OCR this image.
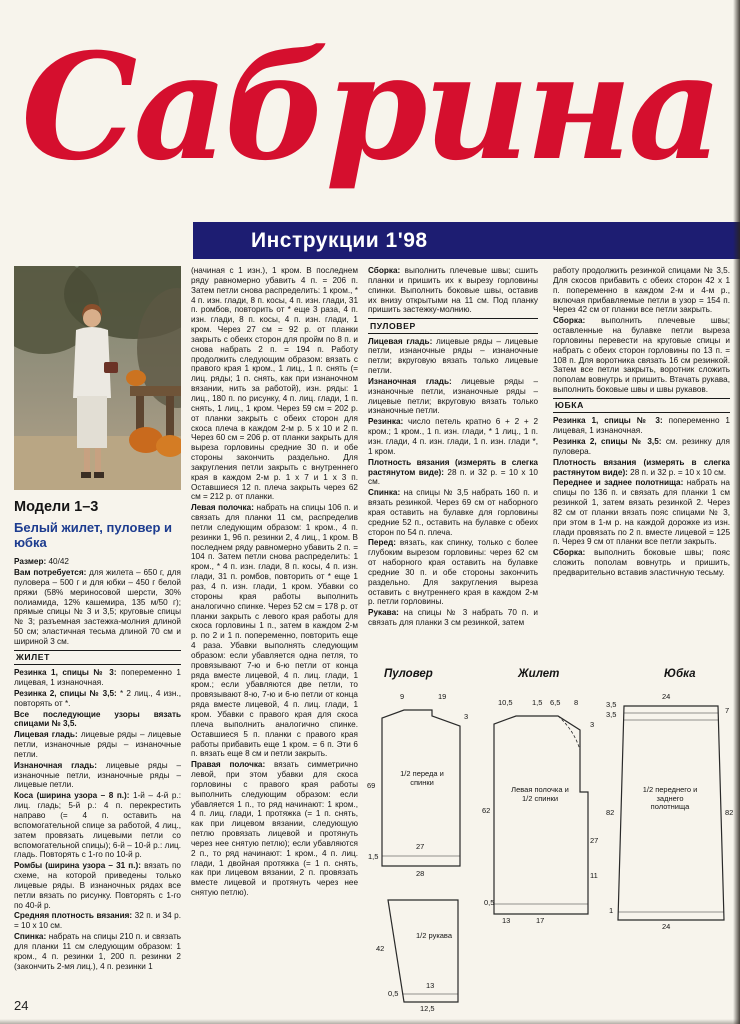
Сабрина
Инструкции 1'98
Модели 1–3
Белый жилет, пуловер и юбка

Размер: 40/42

Вам потребуется: для жилета – 650 г, для пуловера – 500 г и для юбки – 450 г белой пряжи (58% мериносовой шерсти, 30% полиамида, 12% кашемира, 135 м/50 г); прямые спицы № 3 и 3,5; круговые спицы № 3; разъемная застежка-молния длиной 50 см; эластичная тесьма длиной 70 см и шириной 3 см.

ЖИЛЕТ

Резинка 1, спицы № 3: попеременно 1 лицевая, 1 изнаночная.

Резинка 2, спицы № 3,5: * 2 лиц., 4 изн., повторять от *.

Все последующие узоры вязать спицами № 3,5.

Лицевая гладь: лицевые ряды – лицевые петли, изнаночные ряды – изнаночные петли.

Изнаночная гладь: лицевые ряды – изнаночные петли, изнаночные ряды – лицевые петли.

Коса (ширина узора – 8 п.): 1-й – 4-й р.: лиц. гладь; 5-й р.: 4 п. перекрестить направо (= 4 п. оставить на вспомогательной спице за работой, 4 лиц., затем провязать лицевыми петли со вспомогательной спицы); 6-й – 10-й р.: лиц. гладь. Повторять с 1-го по 10-й р.

Ромбы (ширина узора – 31 п.): вязать по схеме, на которой приведены только лицевые ряды. В изнаночных рядах все петли вязать по рисунку. Повторять с 1-го по 40-й р.

Средняя плотность вязания: 32 п. и 34 р. = 10 х 10 см.

Спинка: набрать на спицы 210 п. и связать для планки 11 см следующим образом: 1 кром., 4 п. резинки 1, 200 п. резинки 2 (закончить 2-мя лиц.), 4 п. резинки 1

(начиная с 1 изн.), 1 кром. В последнем ряду равномерно убавить 4 п. = 206 п. Затем петли снова распределить: 1 кром., * 4 п. изн. глади, 8 п. косы, 4 п. изн. глади, 31 п. ромбов, повторить от * еще 3 раза, 4 п. изн. глади, 8 п. косы, 4 п. изн. глади, 1 кром. Через 27 см = 92 р. от планки закрыть с обеих сторон для пройм по 8 п. и снова набрать 2 п. = 194 п. Работу продолжить следующим образом: вязать с правого края 1 кром., 1 лиц., 1 п. снять (= лиц. ряды; 1 п. снять, как при изнаночном вязании, нить за работой), изн. ряды: 1 лиц., 180 п. по рисунку, 4 п. лиц. глади, 1 п. снять, 1 лиц., 1 кром. Через 59 см = 202 р. от планки закрыть с обеих сторон для скоса плеча в каждом 2-м р. 5 х 10 и 2 п. Через 60 см = 206 р. от планки закрыть для выреза горловины средние 30 п. и обе стороны закончить раздельно. Для закругления петли закрыть с внутреннего края в каждом 2-м р. 1 х 7 и 1 х 3 п. Оставшиеся 12 п. плеча закрыть через 62 см = 212 р. от планки.

Левая полочка: набрать на спицы 106 п. и связать для планки 11 см, распределив петли следующим образом: 1 кром., 4 п. резинки 1, 96 п. резинки 2, 4 лиц., 1 кром. В последнем ряду равномерно убавить 2 п. = 104 п. Затем петли снова распределить: 1 кром., * 4 п. изн. глади, 8 п. косы, 4 п. изн. глади, 31 п. ромбов, повторить от * еще 1 раз, 4 п. изн. глади, 1 кром. Убавки со стороны края работы выполнить аналогично спинке. Через 52 см = 178 р. от планки закрыть с левого края работы для скоса горловины 1 п., затем в каждом 2-м р. по 2 и 1 п. попеременно, повторить еще 4 раза. Убавки выполнять следующим образом: если убавляется одна петля, то провязывают 7-ю и 6-ю петли от конца ряда вместе лицевой, 4 п. лиц. глади, 1 кром.; если убавляются две петли, то провязывают 8-ю, 7-ю и 6-ю петли от конца ряда вместе лицевой, 4 п. лиц. глади, 1 кром. Убавки с правого края для скоса плеча выполнить аналогично спинке. Оставшиеся 5 п. планки с правого края работы прибавить еще 1 кром. = 6 п. Эти 6 п. вязать еще 8 см и петли закрыть.

Правая полочка: вязать симметрично левой, при этом убавки для скоса горловины с правого края работы выполнить следующим образом: если убавляется 1 п., то ряд начинают: 1 кром., 4 п. лиц. глади, 1 протяжка (= 1 п. снять, как при лицевом вязании, следующую петлю провязать лицевой и протянуть через нее снятую петлю); если убавляются 2 п., то ряд начинают: 1 кром., 4 п. лиц. глади, 1 двойная протяжка (= 1 п. снять, как при лицевом вязании, 2 п. провязать вместе лицевой и протянуть через нее снятую петлю).

Сборка: выполнить плечевые швы; сшить планки и пришить их к вырезу горловины спинки. Выполнить боковые швы, оставив их внизу открытыми на 11 см. Под планку пришить застежку-молнию.

ПУЛОВЕР

Лицевая гладь: лицевые ряды – лицевые петли, изнаночные ряды – изнаночные петли; вкруговую вязать только лицевые петли.

Изнаночная гладь: лицевые ряды – изнаночные петли, изнаночные ряды – лицевые петли; вкруговую вязать только изнаночные петли.

Резинка: число петель кратно 6 + 2 + 2 кром.; 1 кром., 1 п. изн. глади, * 1 лиц., 1 п. изн. глади, 4 п. изн. глади, 1 п. изн. глади *, 1 кром.

Плотность вязания (измерять в слегка растянутом виде): 28 п. и 32 р. = 10 х 10 см.

Спинка: на спицы № 3,5 набрать 160 п. и вязать резинкой. Через 69 см от наборного края оставить на булавке для горловины средние 52 п., оставить на булавке с обеих сторон по 54 п. плеча.

Перед: вязать, как спинку, только с более глубоким вырезом горловины: через 62 см от наборного края оставить на булавке средние 30 п. и обе стороны закончить раздельно. Для закругления выреза оставить с внутреннего края в каждом 2-м р. петли горловины.

Рукава: на спицы № 3 набрать 70 п. и связать для планки 3 см резинкой, затем

работу продолжить резинкой спицами № 3,5. Для скосов прибавить с обеих сторон 42 х 1 п. попеременно в каждом 2-м и 4-м р., включая прибавляемые петли в узор = 154 п. Через 42 см от планки все петли закрыть.

Сборка: выполнить плечевые швы; оставленные на булавке петли выреза горловины перевести на круговые спицы и набрать с обеих сторон горловины по 13 п. = 108 п. Для воротника связать 16 см резинкой. Затем все петли закрыть, воротник сложить пополам вовнутрь и пришить. Втачать рукава, выполнить боковые швы и швы рукавов.

ЮБКА

Резинка 1, спицы № 3: попеременно 1 лицевая, 1 изнаночная.

Резинка 2, спицы № 3,5: см. резинку для пуловера.

Плотность вязания (измерять в слегка растянутом виде): 28 п. и 32 р. = 10 х 10 см.

Переднее и заднее полотнища: набрать на спицы по 136 п. и связать для планки 1 см резинкой 1, затем вязать резинкой 2. Через 82 см от планки вязать пояс спицами № 3, при этом в 1-м р. на каждой дорожке из изн. глади провязать по 2 п. вместе лицевой = 125 п. Через 9 см от планки все петли закрыть.

Сборка: выполнить боковые швы; пояс сложить пополам вовнутрь и пришить, предварительно вставив эластичную тесьму.

Пуловер	Жилет	Юбка
9	19
3
69
1/2 переда и спинки
27
1,5
28
42
1/2 рукава
13
0,5
12,5
10,5	1,5 6,5 8
3
62
Левая полочка и 1/2 спинки
27
11
0,5
13	17
24
3,5
3,5	7
82	82
1/2 переднего и заднего полотнища
1
24
24
